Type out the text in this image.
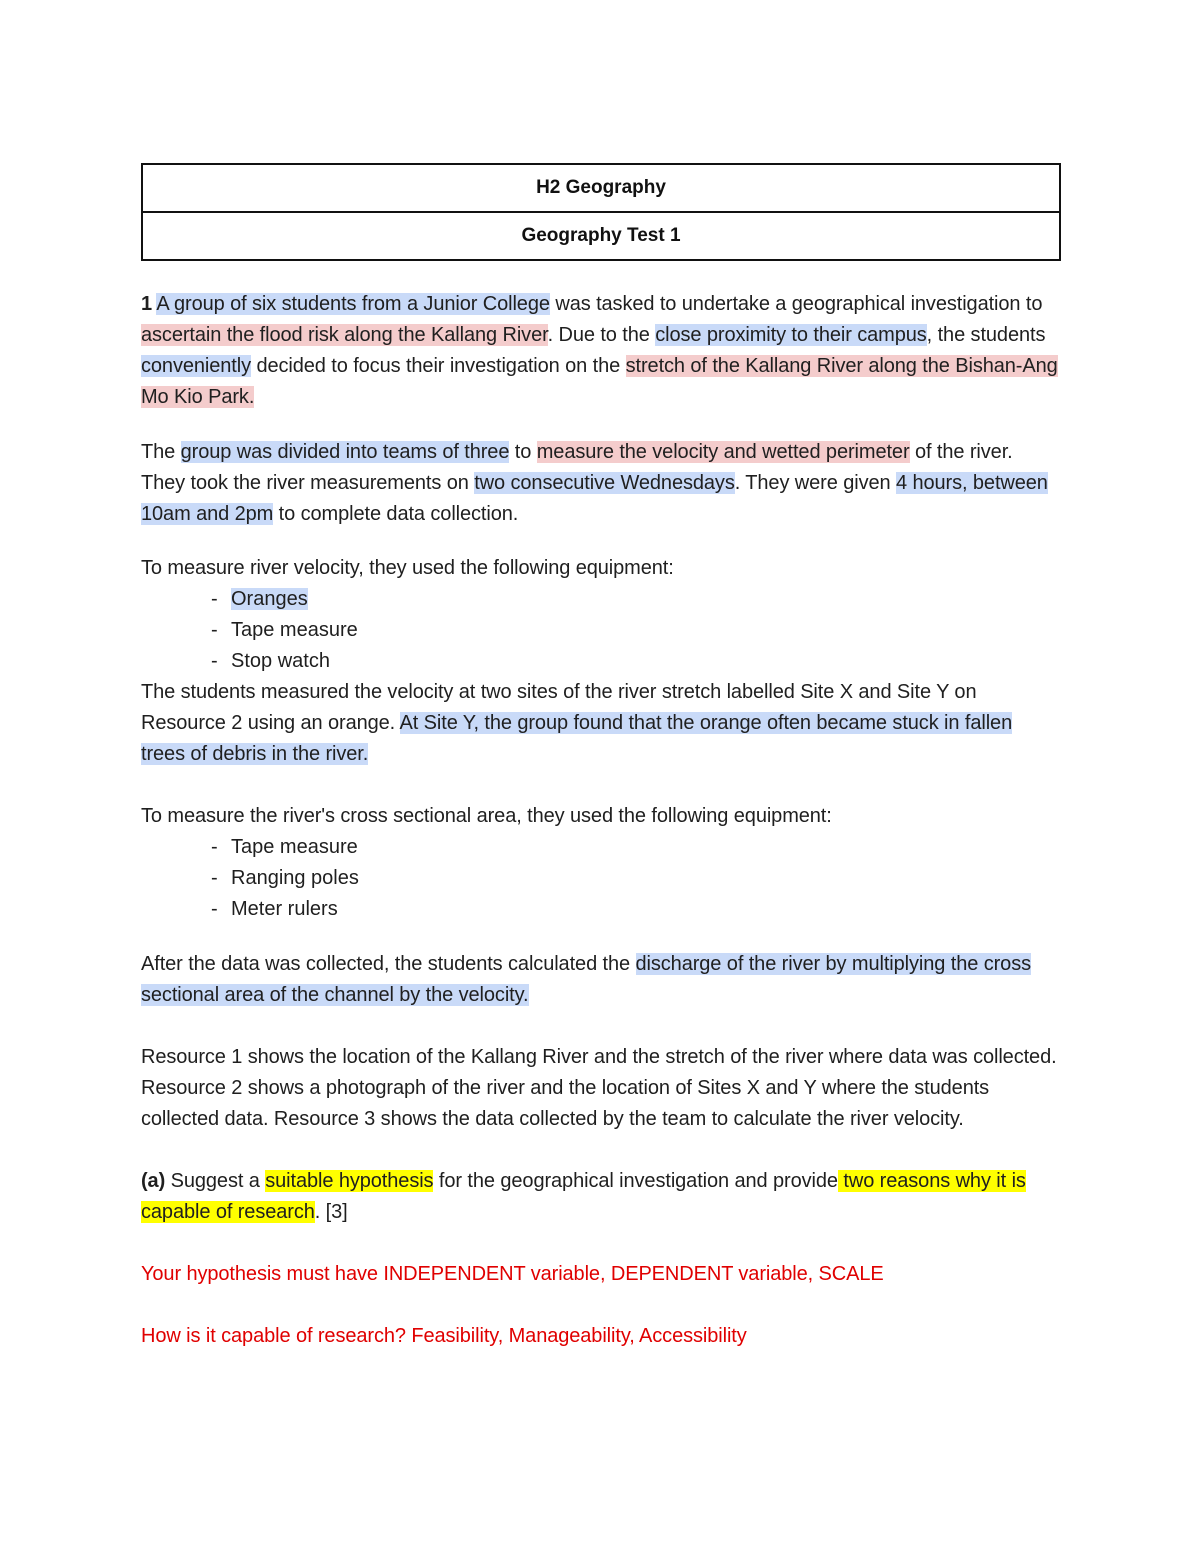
H2 Geography
Geography Test 1

1 A group of six students from a Junior College was tasked to undertake a geographical investigation to ascertain the flood risk along the Kallang River. Due to the close proximity to their campus, the students conveniently decided to focus their investigation on the stretch of the Kallang River along the Bishan-Ang Mo Kio Park.

The group was divided into teams of three to measure the velocity and wetted perimeter of the river. They took the river measurements on two consecutive Wednesdays. They were given 4 hours, between 10am and 2pm to complete data collection.

To measure river velocity, they used the following equipment:

- Oranges
- Tape measure
- Stop watch

The students measured the velocity at two sites of the river stretch labelled Site X and Site Y on Resource 2 using an orange. At Site Y, the group found that the orange often became stuck in fallen trees of debris in the river.

To measure the river's cross sectional area, they used the following equipment:

- Tape measure
- Ranging poles
- Meter rulers

After the data was collected, the students calculated the discharge of the river by multiplying the cross sectional area of the channel by the velocity.

Resource 1 shows the location of the Kallang River and the stretch of the river where data was collected. Resource 2 shows a photograph of the river and the location of Sites X and Y where the students collected data. Resource 3 shows the data collected by the team to calculate the river velocity.

(a) Suggest a suitable hypothesis for the geographical investigation and provide two reasons why it is capable of research. [3]

Your hypothesis must have INDEPENDENT variable, DEPENDENT variable, SCALE

How is it capable of research? Feasibility, Manageability, Accessibility
